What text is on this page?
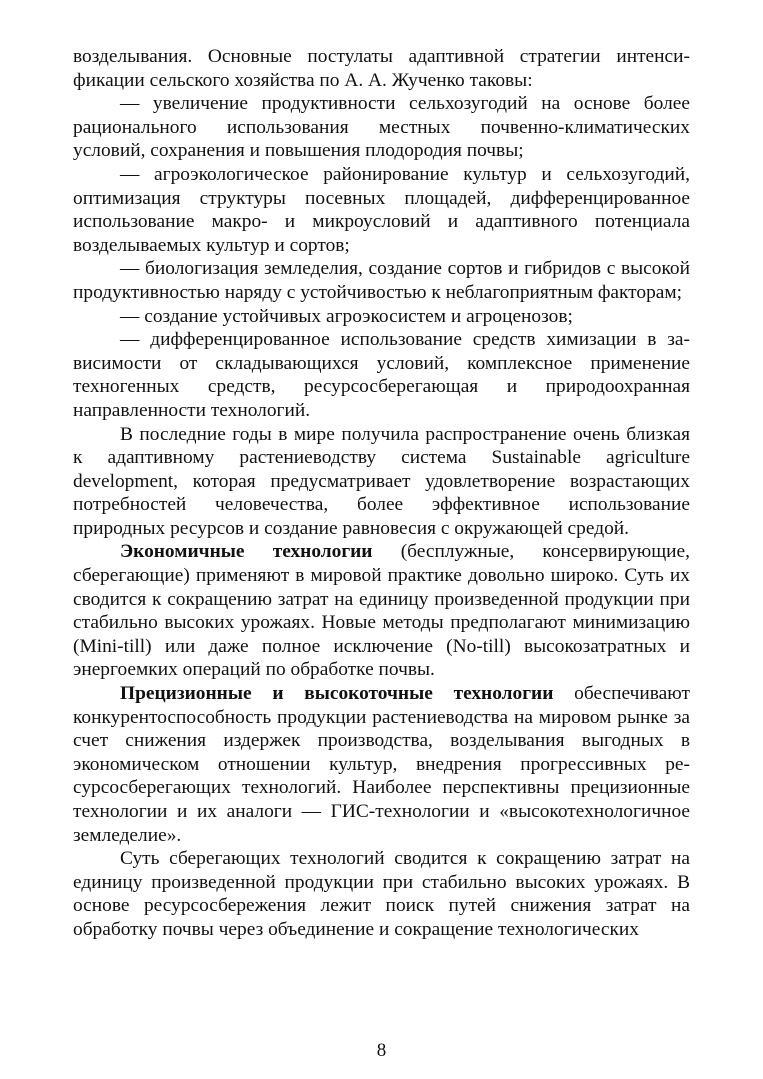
возделывания. Основные постулаты адаптивной стратегии интенсификации сельского хозяйства по А. А. Жученко таковы:

— увеличение продуктивности сельхозугодий на основе более рационального использования местных почвенно-климатических условий, сохранения и повышения плодородия почвы;

— агроэкологическое районирование культур и сельхозугодий, оптимизация структуры посевных площадей, дифференцированное использование макро- и микроусловий и адаптивного потенциала возделываемых культур и сортов;

— биологизация земледелия, создание сортов и гибридов с высокой продуктивностью наряду с устойчивостью к неблагоприятным факторам;

— создание устойчивых агроэкосистем и агроценозов;

— дифференцированное использование средств химизации в зависимости от складывающихся условий, комплексное применение техногенных средств, ресурсосберегающая и природоохранная направленности технологий.

В последние годы в мире получила распространение очень близкая к адаптивному растениеводству система Sustainable agriculture development, которая предусматривает удовлетворение возрастающих потребностей человечества, более эффективное использование природных ресурсов и создание равновесия с окружающей средой.

Экономичные технологии (бесплужные, консервирующие, сберегающие) применяют в мировой практике довольно широко. Суть их сводится к сокращению затрат на единицу произведенной продукции при стабильно высоких урожаях. Новые методы предполагают минимизацию (Mini-till) или даже полное исключение (No-till) высокозатратных и энергоемких операций по обработке почвы.

Прецизионные и высокоточные технологии обеспечивают конкурентоспособность продукции растениеводства на мировом рынке за счет снижения издержек производства, возделывания выгодных в экономическом отношении культур, внедрения прогрессивных ресурсосберегающих технологий. Наиболее перспективны прецизионные технологии и их аналоги — ГИС-технологии и «высокотехнологичное земледелие».

Суть сберегающих технологий сводится к сокращению затрат на единицу произведенной продукции при стабильно высоких урожаях. В основе ресурсосбережения лежит поиск путей снижения затрат на обработку почвы через объединение и сокращение технологических

8
